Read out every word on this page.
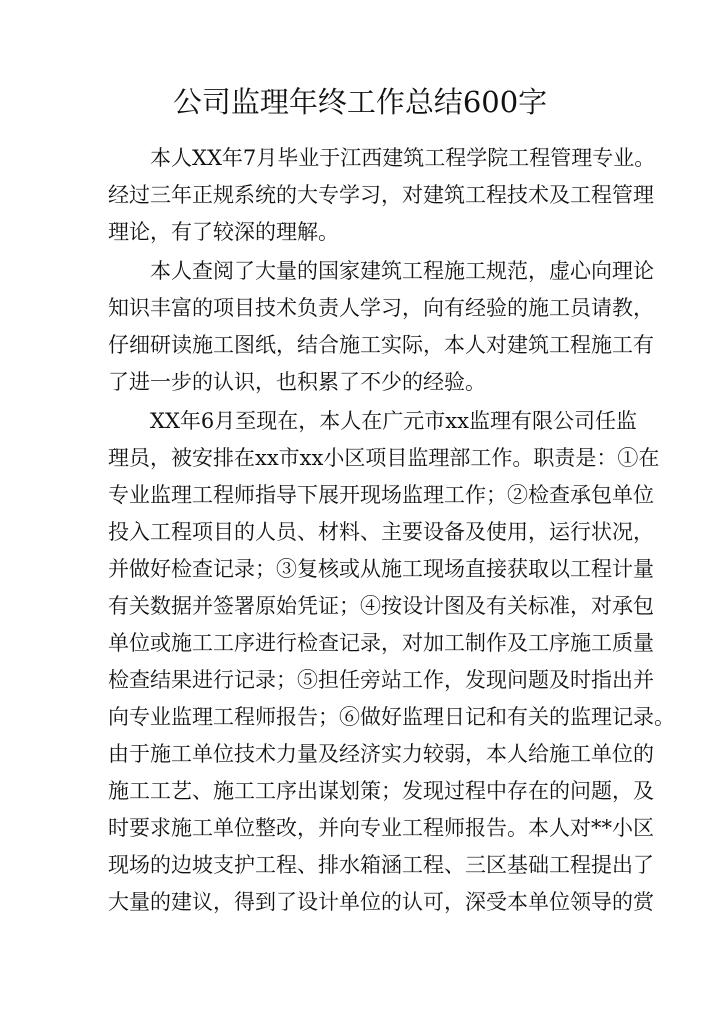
公司监理年终工作总结600字

本人XX年7月毕业于江西建筑工程学院工程管理专业。

经过三年正规系统的大专学习，对建筑工程技术及工程管理

理论，有了较深的理解。

本人查阅了大量的国家建筑工程施工规范，虚心向理论

知识丰富的项目技术负责人学习，向有经验的施工员请教，

仔细研读施工图纸，结合施工实际，本人对建筑工程施工有

了进一步的认识，也积累了不少的经验。

XX年6月至现在，本人在广元市xx监理有限公司任监

理员，被安排在xx市xx小区项目监理部工作。职责是：①在

专业监理工程师指导下展开现场监理工作；②检查承包单位

投入工程项目的人员、材料、主要设备及使用，运行状况，

并做好检查记录；③复核或从施工现场直接获取以工程计量

有关数据并签署原始凭证；④按设计图及有关标准，对承包

单位或施工工序进行检查记录，对加工制作及工序施工质量

检查结果进行记录；⑤担任旁站工作，发现问题及时指出并

向专业监理工程师报告；⑥做好监理日记和有关的监理记录。

由于施工单位技术力量及经济实力较弱，本人给施工单位的

施工工艺、施工工序出谋划策；发现过程中存在的问题，及

时要求施工单位整改，并向专业工程师报告。本人对**小区

现场的边坡支护工程、排水箱涵工程、三区基础工程提出了

大量的建议，得到了设计单位的认可，深受本单位领导的赏
